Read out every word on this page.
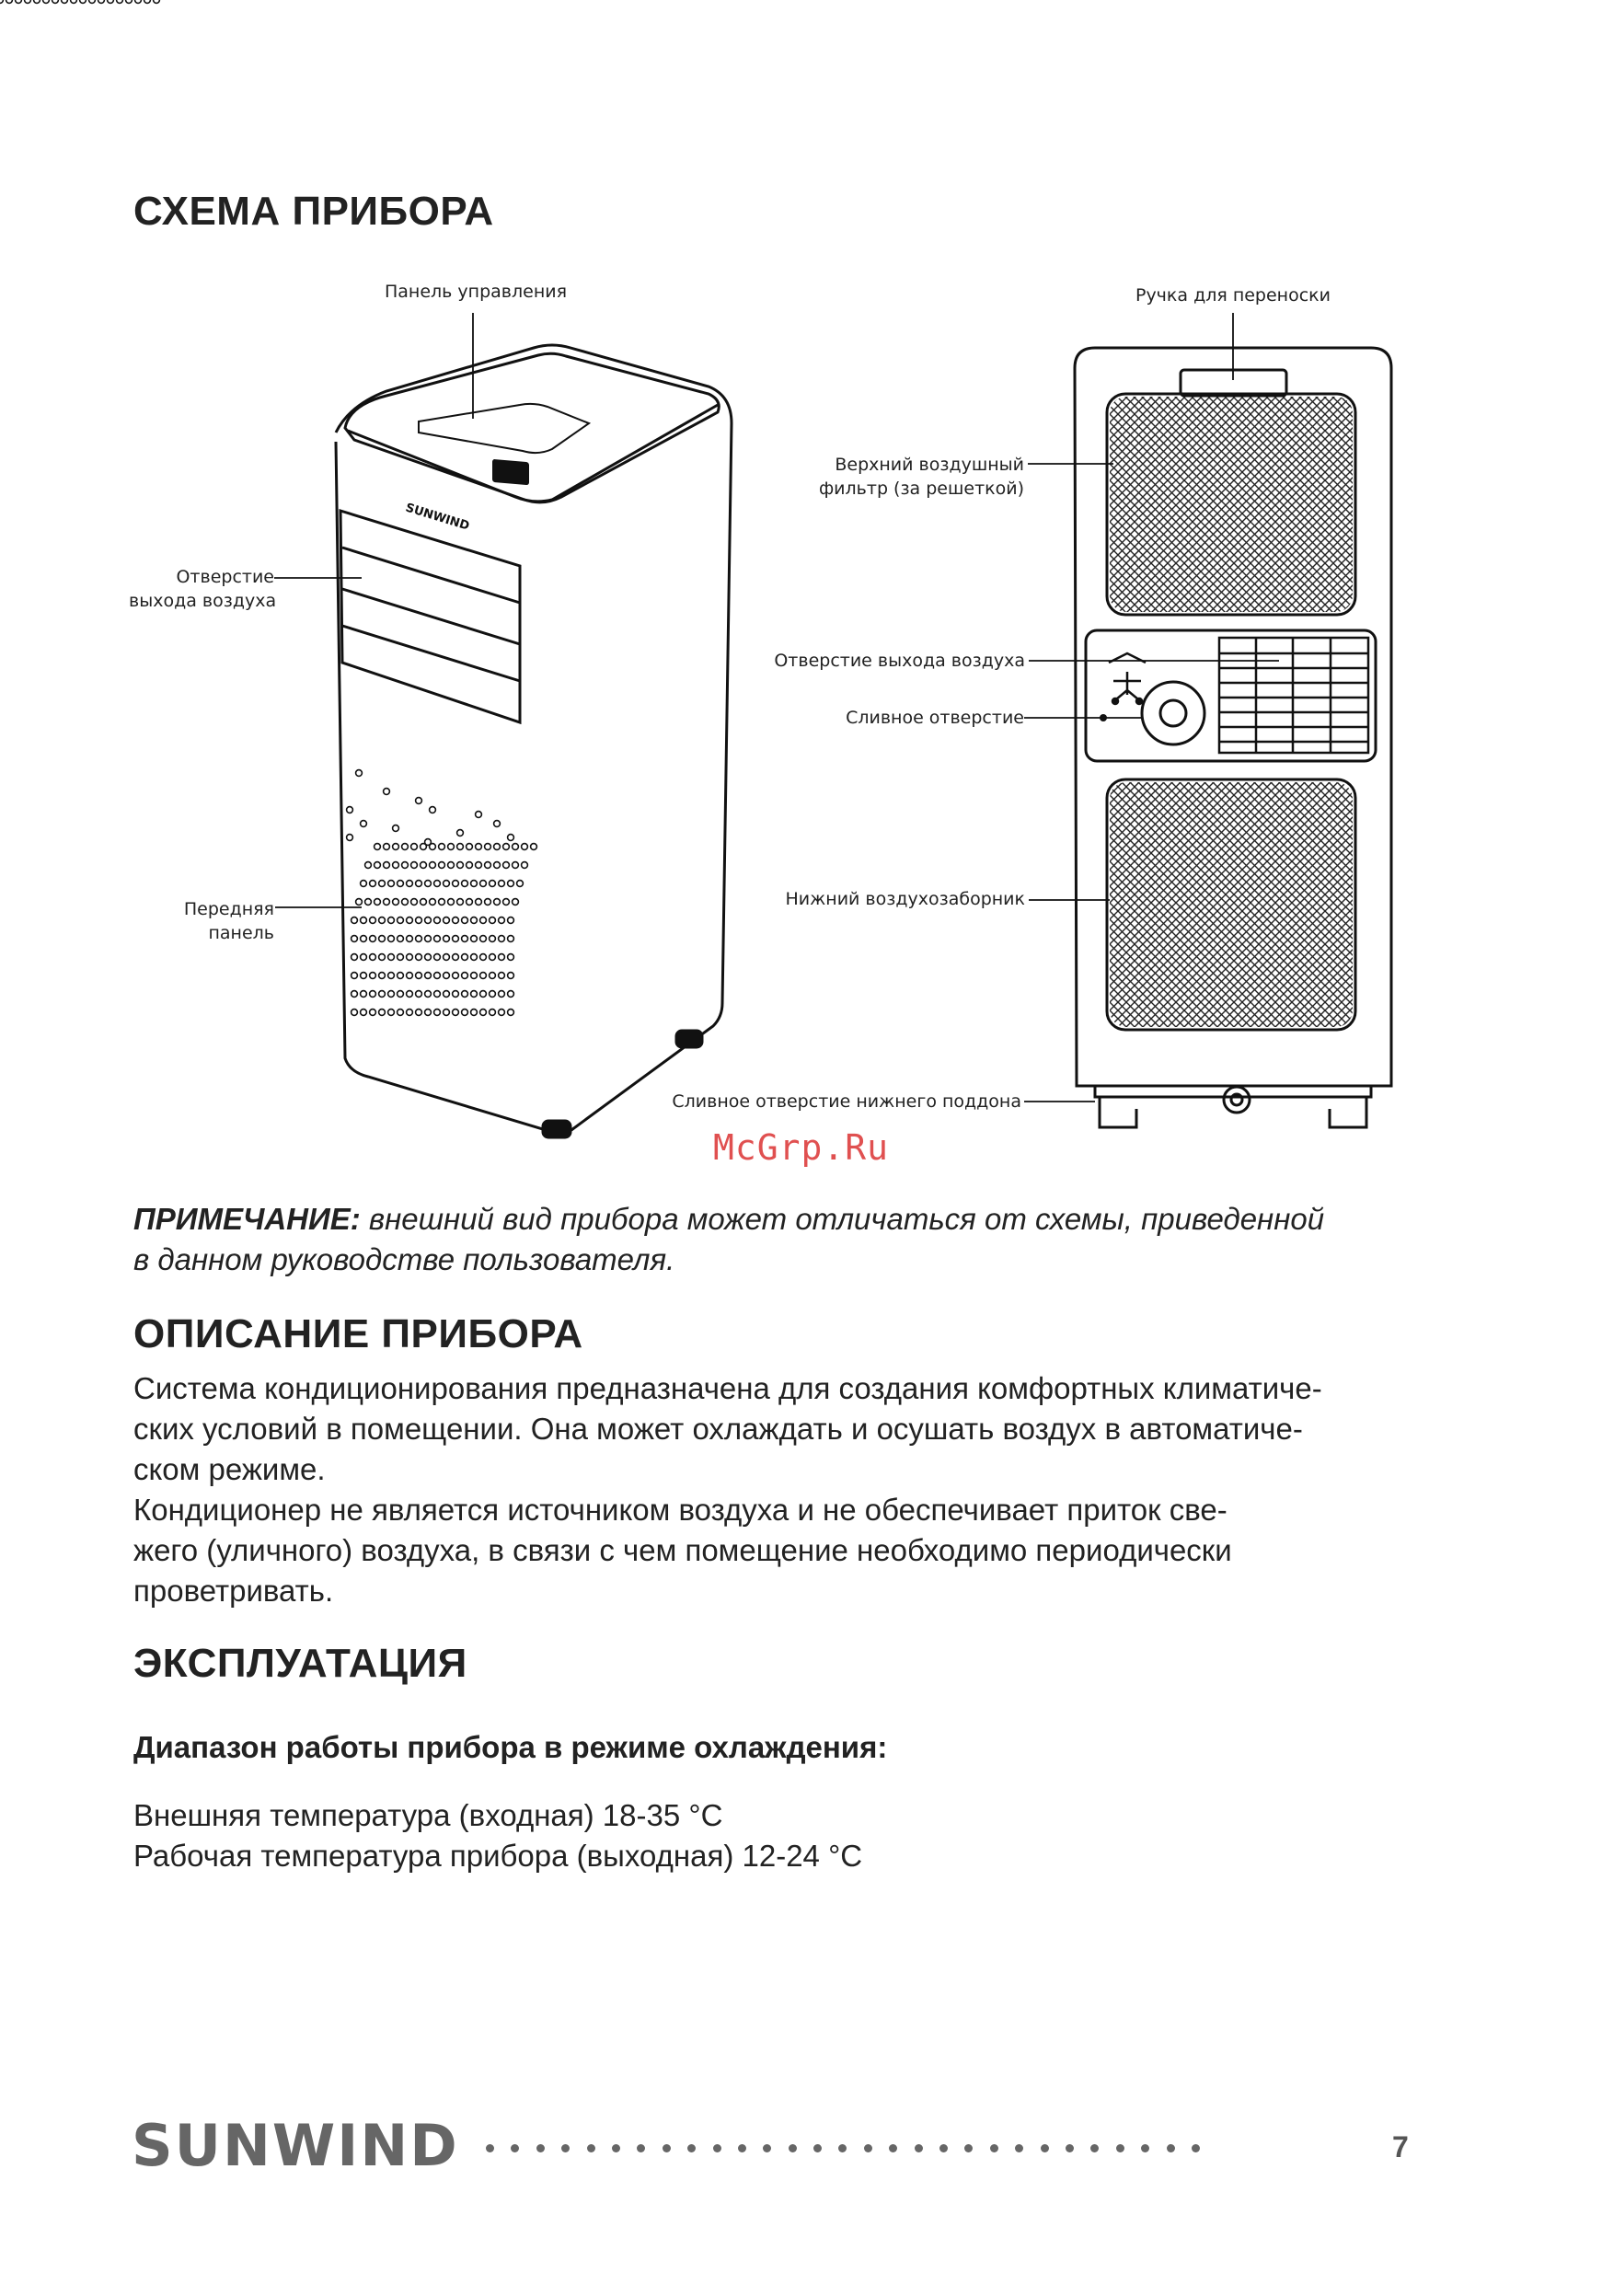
СХЕМА ПРИБОРА
SUNWIND
Панель управления
Отверстие
выхода воздуха
Передняя
панель
Ручка для переноски
Верхний воздушный
фильтр (за решеткой)
Отверстие выхода воздуха
Сливное отверстие
Нижний воздухозаборник
Сливное отверстие нижнего поддона
McGrp.Ru
ПРИМЕЧАНИЕ: внешний вид прибора может отличаться от схемы, приведенной
в данном руководстве пользователя.
ОПИСАНИЕ ПРИБОРА
Система кондиционирования предназначена для создания комфортных климатиче-
ских условий в помещении. Она может охлаждать и осушать воздух в автоматиче-
ском режиме.
Кондиционер не является источником воздуха и не обеспечивает приток све-
жего (уличного) воздуха, в связи с чем помещение необходимо периодически
проветривать.
ЭКСПЛУАТАЦИЯ
Диапазон работы прибора в режиме охлаждения:
Внешняя температура (входная) 18-35 °С
Рабочая температура прибора (выходная) 12-24 °С
SUNWIND	7
